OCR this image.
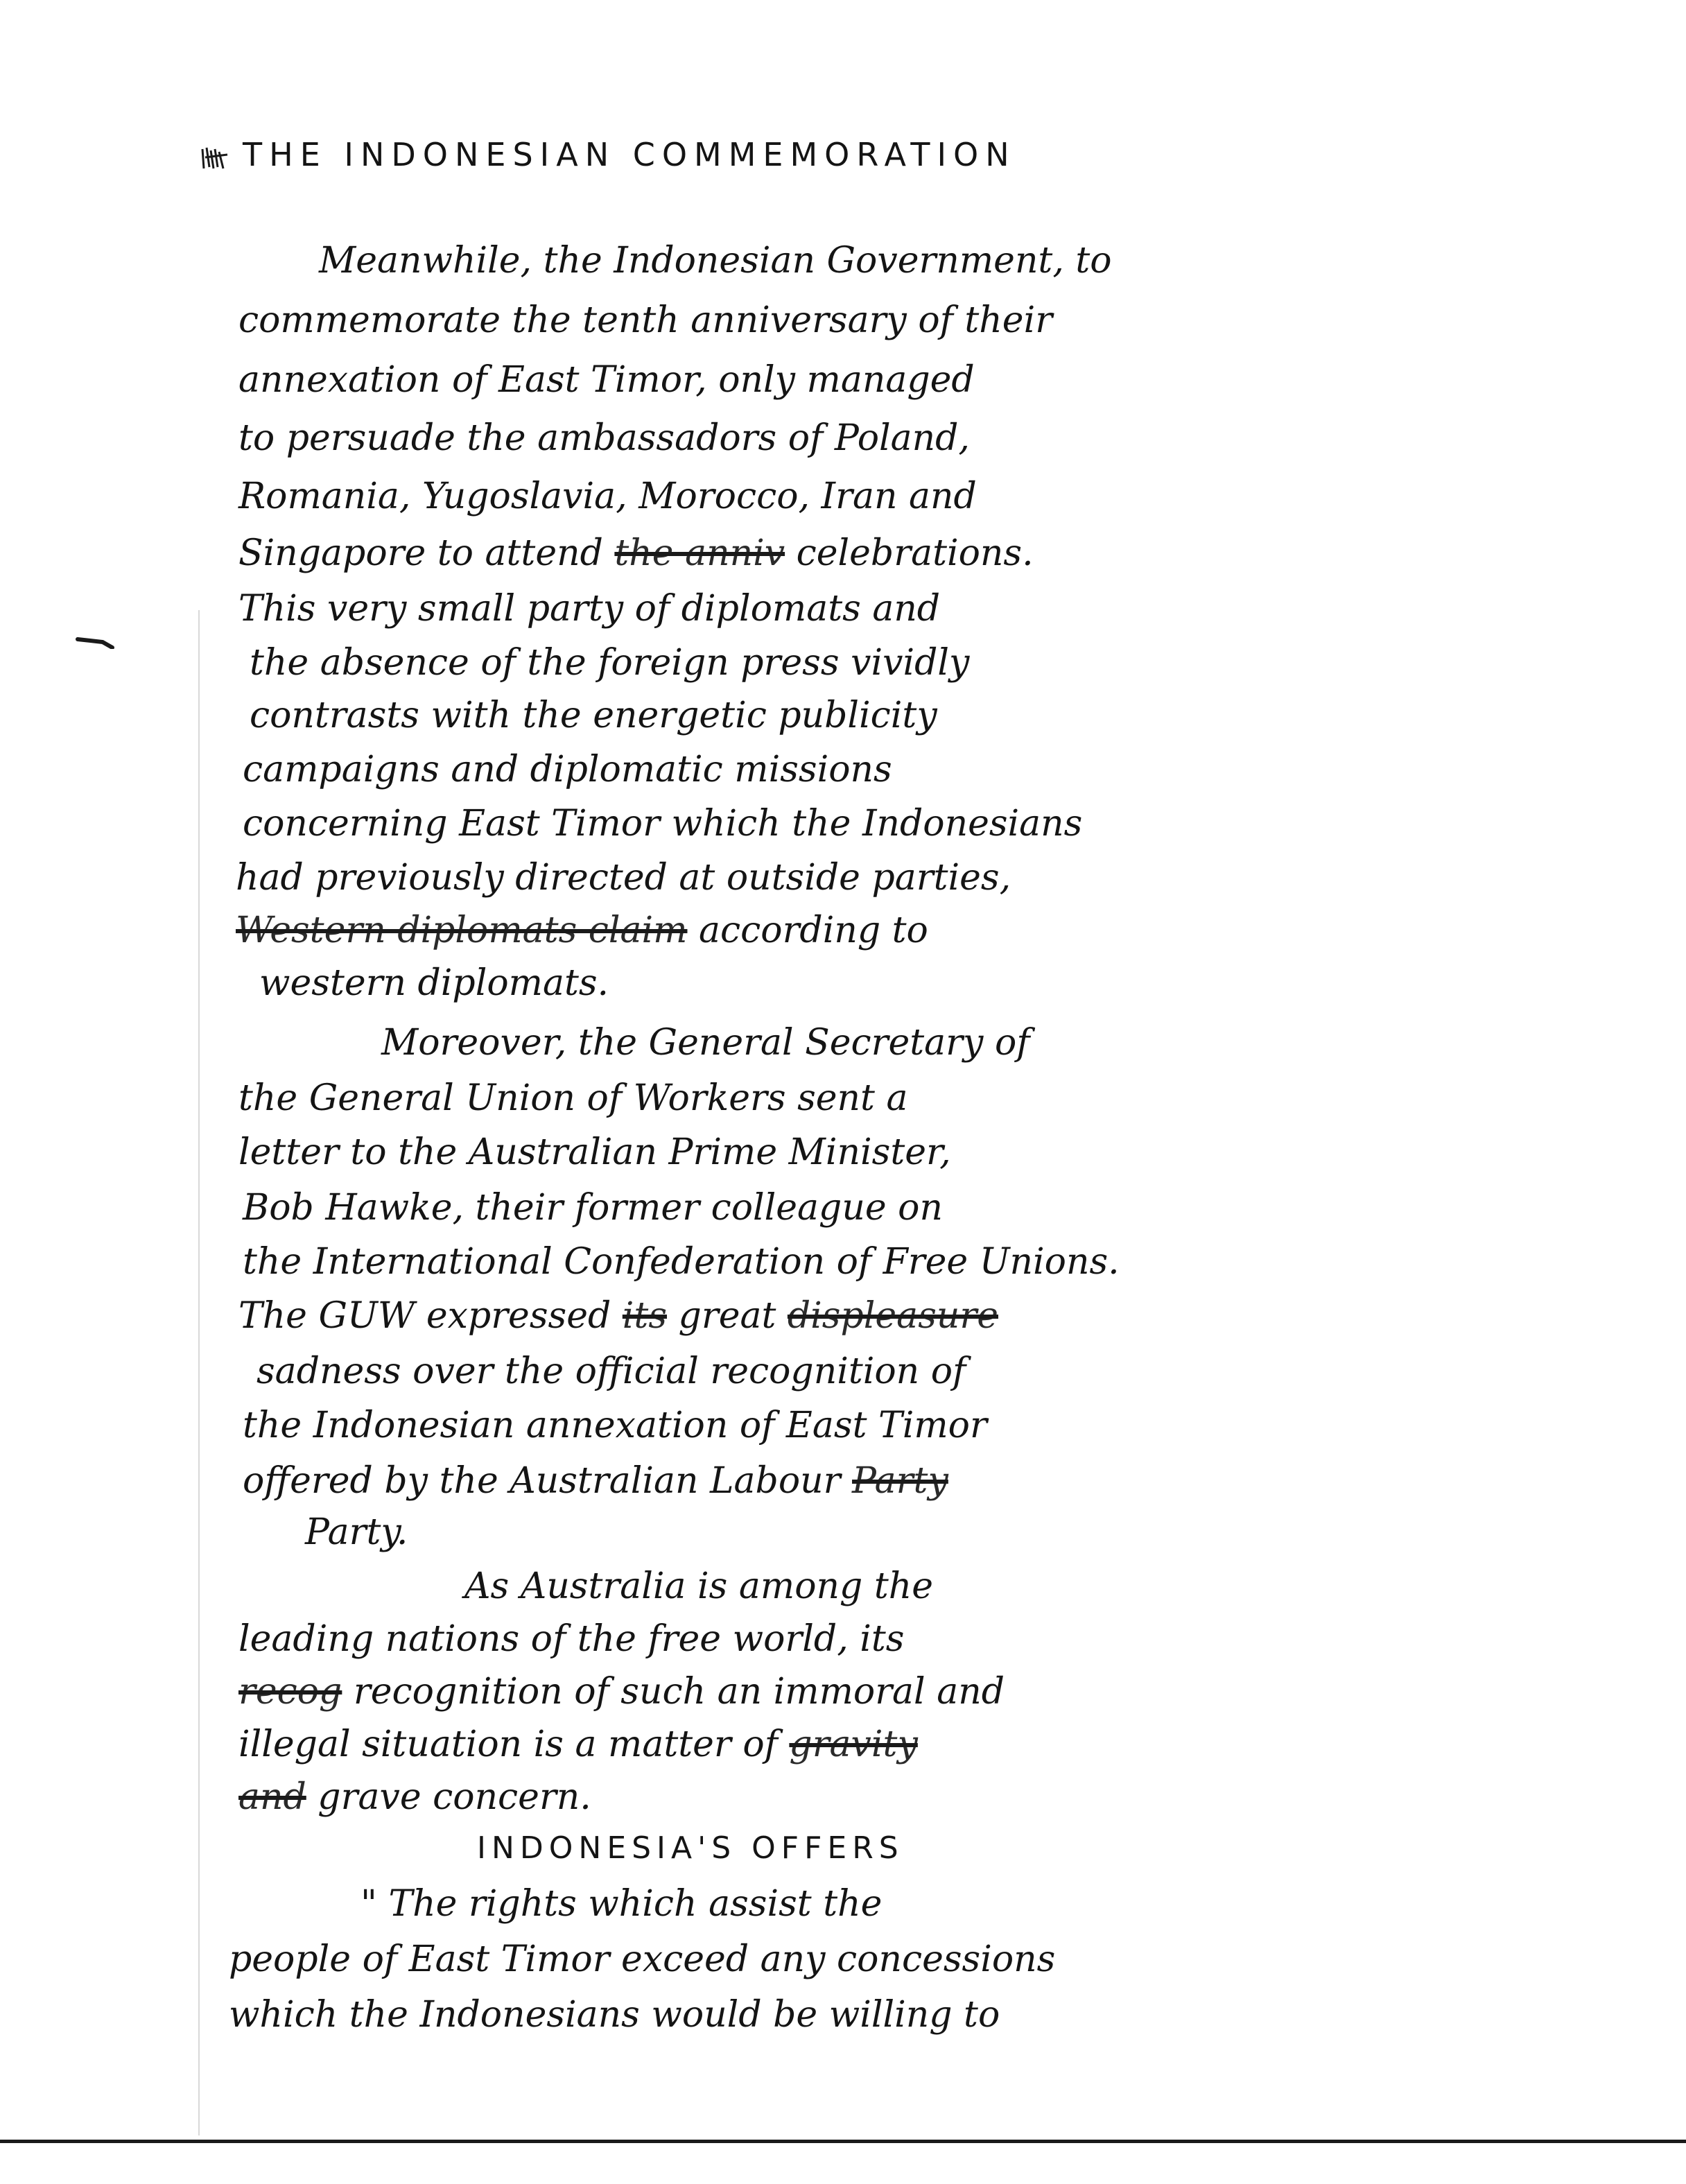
THE INDONESIAN COMMEMORATION
Meanwhile, the Indonesian Government, to
commemorate the tenth anniversary of their
annexation of East Timor, only managed
to persuade the ambassadors of Poland,
Romania, Yugoslavia, Morocco, Iran and
Singapore to attend the anniv celebrations.
This very small party of diplomats and
the absence of the foreign press vividly
contrasts with the energetic publicity
campaigns and diplomatic missions
concerning East Timor which the Indonesians
had previously directed at outside parties,
Western diplomats claim according to
western diplomats.
Moreover, the General Secretary of
the General Union of Workers sent a
letter to the Australian Prime Minister,
Bob Hawke, their former colleague on
the International Confederation of Free Unions.
The GUW expressed its great displeasure
sadness over the official recognition of
the Indonesian annexation of East Timor
offered by the Australian Labour Party
Party.
As Australia is among the
leading nations of the free world, its
recog recognition of such an immoral and
illegal situation is a matter of gravity
and grave concern.
INDONESIA'S OFFERS
" The rights which assist the
people of East Timor exceed any concessions
which the Indonesians would be willing to
